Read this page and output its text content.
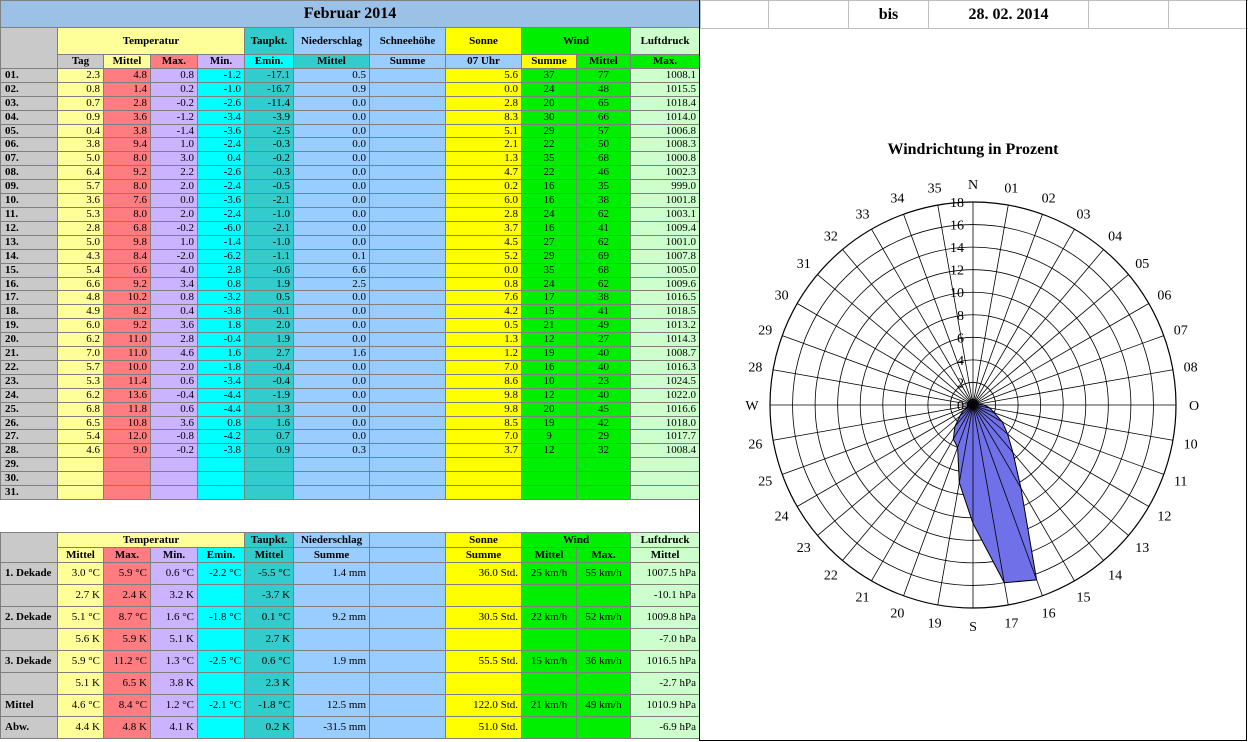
Februar 2014												
	Temperatur				Taupkt.	Niederschlag	Schneehöhe	Sonne	Wind		Luftdruck	
	Tag	Mittel	Max.	Min.	Emin.	Mittel	Summe	07 Uhr	Summe	Mittel	Max.	
01.	2.3	4.8	0.8	-1.2	-17.1	0.5		5.6	37	77	1008.1	
02.	0.8	1.4	0.2	-1.0	-16.7	0.9		0.0	24	48	1015.5	
03.	0.7	2.8	-0.2	-2.6	-11.4	0.0		2.8	20	65	1018.4	
04.	0.9	3.6	-1.2	-3.4	-3.9	0.0		8.3	30	66	1014.0	
05.	0.4	3.8	-1.4	-3.6	-2.5	0.0		5.1	29	57	1006.8	
06.	3.8	9.4	1.0	-2.4	-0.3	0.0		2.1	22	50	1008.3	
07.	5.0	8.0	3.0	0.4	-0.2	0.0		1.3	35	68	1000.8	
08.	6.4	9.2	2.2	-2.6	-0.3	0.0		4.7	22	46	1002.3	
09.	5.7	8.0	2.0	-2.4	-0.5	0.0		0.2	16	35	999.0	
10.	3.6	7.6	0.0	-3.6	-2.1	0.0		6.0	16	38	1001.8	
11.	5.3	8.0	2.0	-2.4	-1.0	0.0		2.8	24	62	1003.1	
12.	2.8	6.8	-0.2	-6.0	-2.1	0.0		3.7	16	41	1009.4	
13.	5.0	9.8	1.0	-1.4	-1.0	0.0		4.5	27	62	1001.0	
14.	4.3	8.4	-2.0	-6.2	-1.1	0.1		5.2	29	69	1007.8	
15.	5.4	6.6	4.0	2.8	-0.6	6.6		0.0	35	68	1005.0	
16.	6.6	9.2	3.4	0.8	1.9	2.5		0.8	24	62	1009.6	
17.	4.8	10.2	0.8	-3.2	0.5	0.0		7.6	17	38	1016.5	
18.	4.9	8.2	0.4	-3.8	-0.1	0.0		4.2	15	41	1018.5	
19.	6.0	9.2	3.6	1.8	2.0	0.0		0.5	21	49	1013.2	
20.	6.2	11.0	2.8	-0.4	1.9	0.0		1.3	12	27	1014.3	
21.	7.0	11.0	4.6	1.6	2.7	1.6		1.2	19	40	1008.7	
22.	5.7	10.0	2.0	-1.8	-0.4	0.0		7.0	16	40	1016.3	
23.	5.3	11.4	0.6	-3.4	-0.4	0.0		8.6	10	23	1024.5	
24.	6.2	13.6	-0.4	-4.4	-1.9	0.0		9.8	12	40	1022.0	
25.	6.8	11.8	0.6	-4.4	1.3	0.0		9.8	20	45	1016.6	
26.	6.5	10.8	3.6	0.8	1.6	0.0		8.5	19	42	1018.0	
27.	5.4	12.0	-0.8	-4.2	0.7	0.0		7.0	9	29	1017.7	
28.	4.6	9.0	-0.2	-3.8	0.9	0.3		3.7	12	32	1008.4	
29.												
30.												
31.												

	Temperatur				Taupkt.	Niederschlag		Sonne	Wind		Luftdruck
	Mittel	Max.	Min.	Emin.	Mittel	Summe		Summe	Mittel	Max.	Mittel
1. Dekade	3.0 °C	5.9 °C	0.6 °C	-2.2 °C	-5.5 °C	1.4 mm		36.0 Std.	25 km/h	55 km/h	1007.5 hPa
	2.7 K	2.4 K	3.2 K		-3.7 K						-10.1 hPa
2. Dekade	5.1 °C	8.7 °C	1.6 °C	-1.8 °C	0.1 °C	9.2 mm		30.5 Std.	22 km/h	52 km/h	1009.8 hPa
	5.6 K	5.9 K	5.1 K		2.7 K						-7.0 hPa
3. Dekade	5.9 °C	11.2 °C	1.3 °C	-2.5 °C	0.6 °C	1.9 mm		55.5 Std.	15 km/h	36 km/h	1016.5 hPa
	5.1 K	6.5 K	3.8 K		2.3 K						-2.7 hPa
Mittel	4.6 °C	8.4 °C	1.2 °C	-2.1 °C	-1.8 °C	12.5 mm		122.0 Std.	21 km/h	49 km/h	1010.9 hPa
Abw.	4.4 K	4.8 K	4.1 K		0.2 K	-31.5 mm		51.0 Std.			-6.9 hPa
		bis	28. 02. 2014		
Windrichtung in Prozent
0
2
4
6
8
10
12
14
16
18
N 01
02
03
04
05
06
07
08
O
10
11
12
13
14
15
16
17
S
19
20
21
22
23
24
25
26
W
28
29
30
31
32
33
34
35
